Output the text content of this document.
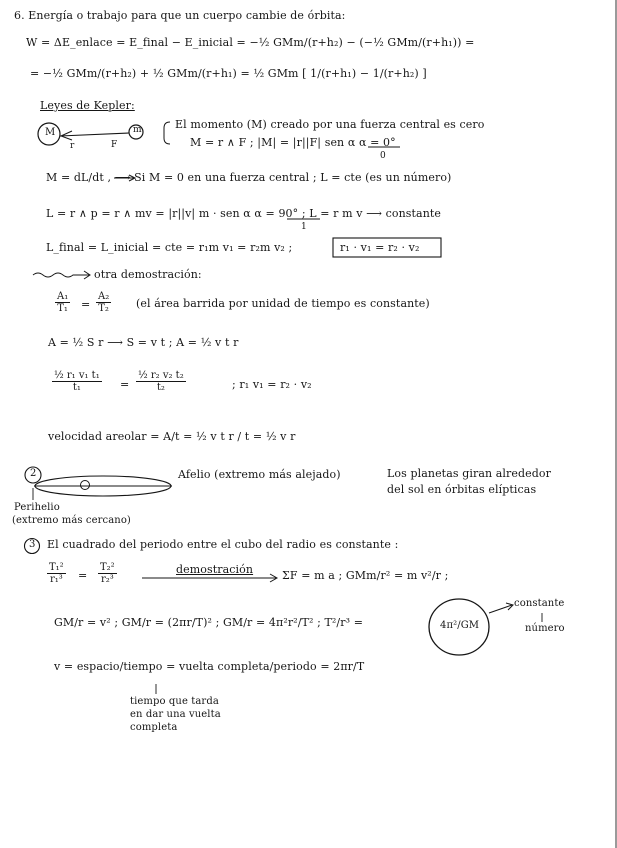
6. Energía o trabajo para que un cuerpo cambie de órbita:
W = ΔE_enlace = E_final − E_inicial = −½ GMm/(r+h₂) − (−½ GMm/(r+h₁)) =
= −½ GMm/(r+h₂) + ½ GMm/(r+h₁) = ½ GMm [ 1/(r+h₁) − 1/(r+h₂) ]
Leyes de Kepler:
M	m
r	F
El momento (M) creado por una fuerza central es cero
M = r ∧ F ; |M| = |r||F| sen α α = 0°
0
M = dL/dt , ⟶ Si M = 0 en una fuerza central ; L = cte (es un número)
L = r ∧ p = r ∧ mv = |r||v| m · sen α α = 90° ; L = r m v ⟶ constante
1
L_final = L_inicial = cte = r₁m v₁ = r₂m v₂ ;	r₁ · v₁ = r₂ · v₂
otra demostración:
$\frac{\text{A₁}}{\text{T₁}} = \frac{\text{A₂}}{\text{T₂}} (el$ área barrida por unidad de tiempo es constante)
A = ½ S r ⟶ S = v t ; A = ½ v t r
$\frac{\text{½ r₁ v₁ t₁}}{\text{t₁}} = \frac{\text{½ r₂ v₂ t₂}}{\text{t₂}}$	; r₁ v₁ = r₂ · v₂
velocidad areolar = A/t = ½ v t r / t = ½ v r
2	Afelio (extremo más alejado)	Los planetas giran alrededor
del sol en órbitas elípticas
Perihelio
(extremo más cercano)
3 El cuadrado del periodo entre el cubo del radio es constante :
$\frac{\text{T₁²}}{\text{r₁³}} = \frac{\text{T₂²}}{\text{r₂³}}$	demostración	ΣF = m a ; GMm/r² = m v²/r ;
GM/r = v² ; GM/r = (2πr/T)² ; GM/r = 4π²r²/T² ; T²/r³ =	4π²/GM
constante
número
v = espacio/tiempo = vuelta completa/periodo = 2πr/T
tiempo que tarda
en dar una vuelta
completa
